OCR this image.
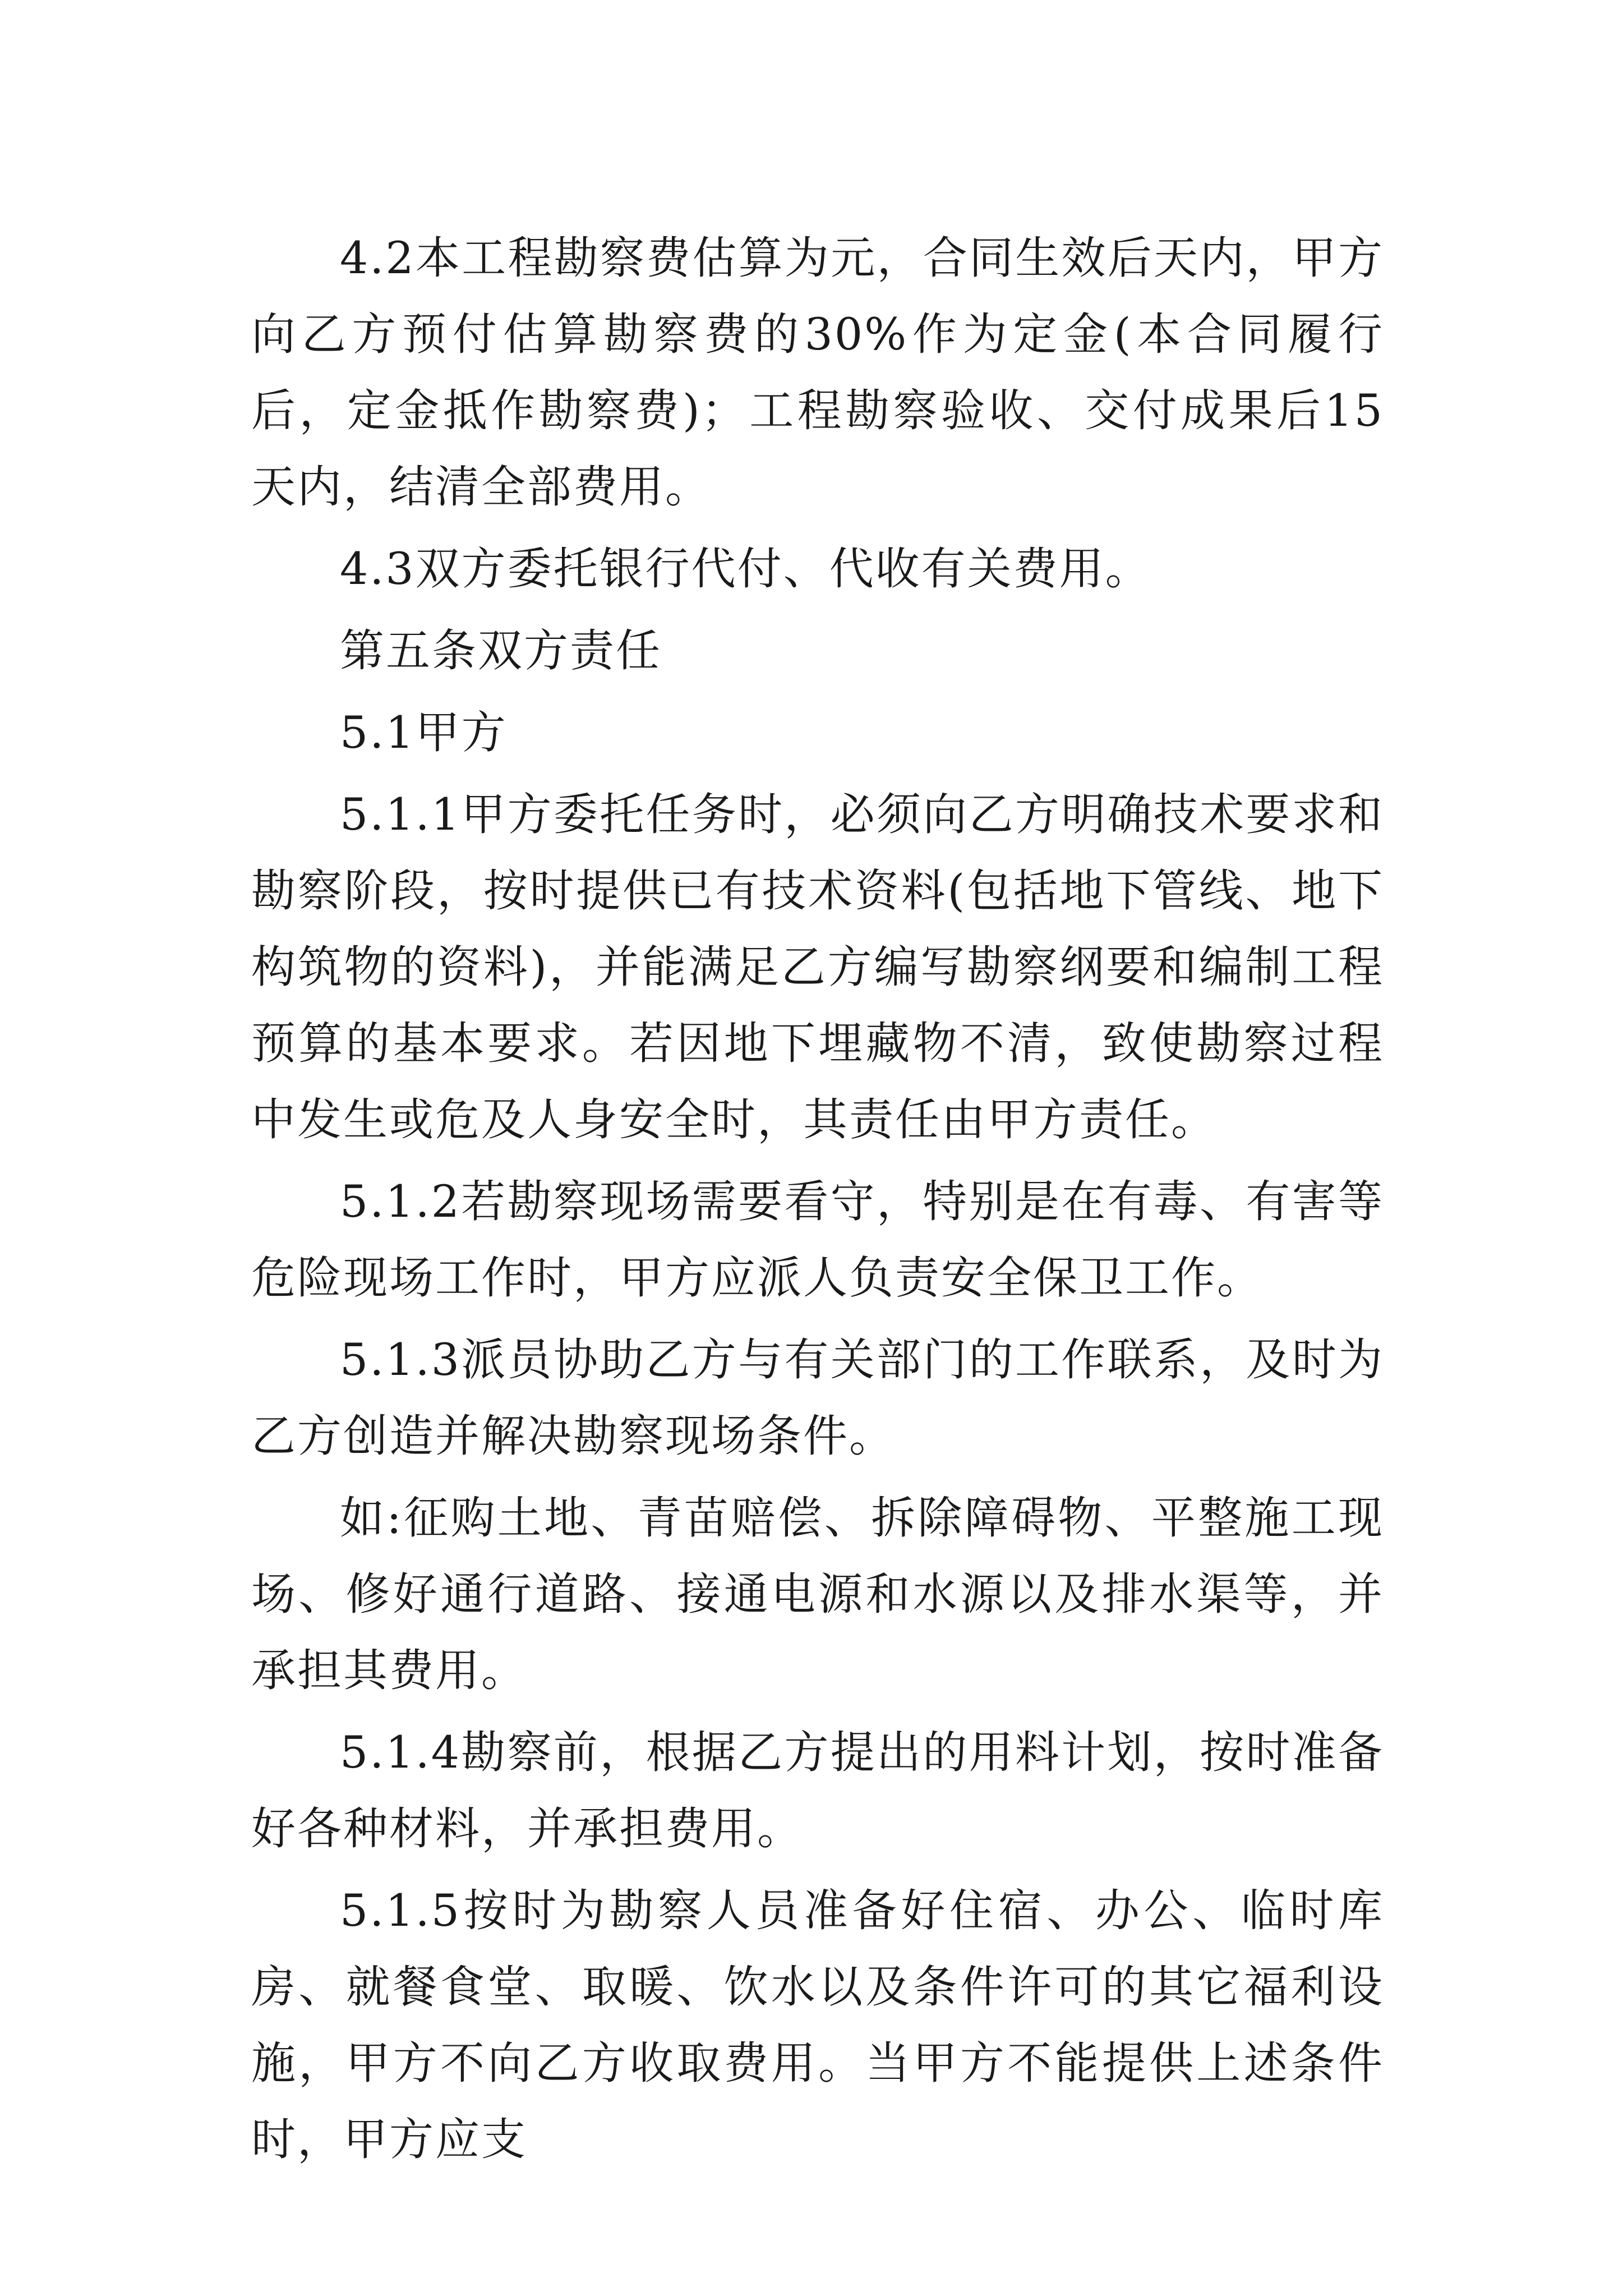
4.2本工程勘察费估算为元，合同生效后天内，甲方向乙方预付估算勘察费的30%作为定金(本合同履行后，定金抵作勘察费)；工程勘察验收、交付成果后15天内，结清全部费用。

4.3双方委托银行代付、代收有关费用。

第五条双方责任

5.1甲方

5.1.1甲方委托任务时，必须向乙方明确技术要求和勘察阶段，按时提供已有技术资料(包括地下管线、地下构筑物的资料)，并能满足乙方编写勘察纲要和编制工程预算的基本要求。若因地下埋藏物不清，致使勘察过程中发生或危及人身安全时，其责任由甲方责任。

5.1.2若勘察现场需要看守，特别是在有毒、有害等危险现场工作时，甲方应派人负责安全保卫工作。

5.1.3派员协助乙方与有关部门的工作联系，及时为乙方创造并解决勘察现场条件。

如:征购土地、青苗赔偿、拆除障碍物、平整施工现场、修好通行道路、接通电源和水源以及排水渠等，并承担其费用。

5.1.4勘察前，根据乙方提出的用料计划，按时准备好各种材料，并承担费用。

5.1.5按时为勘察人员准备好住宿、办公、临时库房、就餐食堂、取暖、饮水以及条件许可的其它福利设施，甲方不向乙方收取费用。当甲方不能提供上述条件时，甲方应支
